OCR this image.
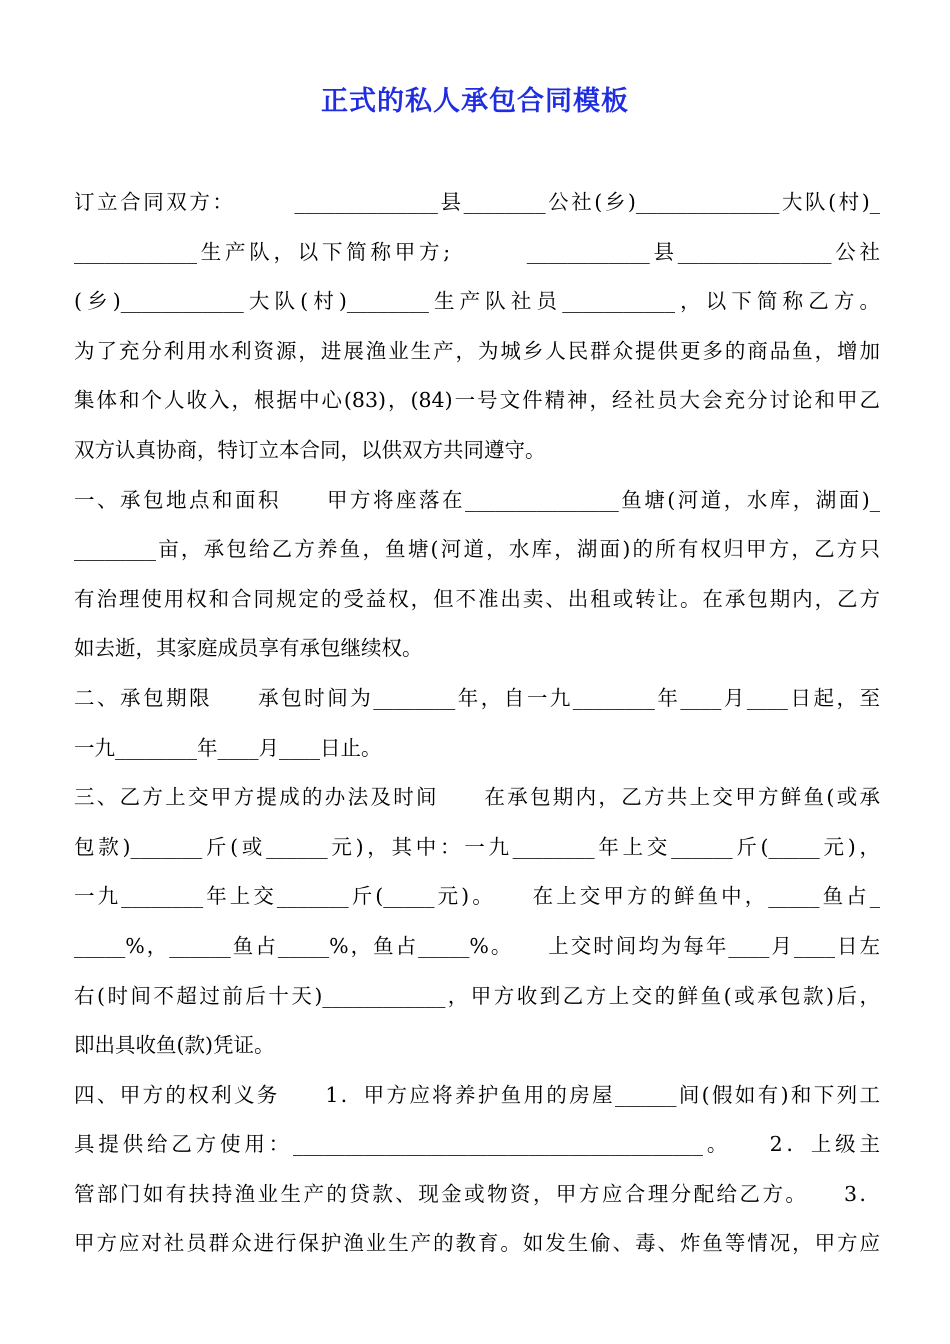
正式的私人承包合同模板
订立合同双方：　　　______________县________公社(乡)______________大队(村)_
____________生产队，以下简称甲方;　　　____________县_______________公社
(乡)____________大队(村)________生产队社员___________，以下简称乙方。
为了充分利用水利资源，进展渔业生产，为城乡人民群众提供更多的商品鱼，增加
集体和个人收入，根据中心(83)，(84)一号文件精神，经社员大会充分讨论和甲乙
双方认真协商，特订立本合同，以供双方共同遵守。
一、承包地点和面积　　甲方将座落在_______________鱼塘(河道，水库，湖面)_
________亩，承包给乙方养鱼，鱼塘(河道，水库，湖面)的所有权归甲方，乙方只
有治理使用权和合同规定的受益权，但不准出卖、出租或转让。在承包期内，乙方
如去逝，其家庭成员享有承包继续权。
二、承包期限　　承包时间为________年，自一九________年____月____日起，至
一九________年____月____日止。
三、乙方上交甲方提成的办法及时间　　在承包期内，乙方共上交甲方鲜鱼(或承
包款)_______斤(或______元)，其中：一九________年上交______斤(_____元)，
一九________年上交_______斤(_____元)。　　在上交甲方的鲜鱼中，_____鱼占_
_____%，______鱼占_____%，鱼占_____%。　　上交时间均为每年____月____日左
右(时间不超过前后十天)____________，甲方收到乙方上交的鲜鱼(或承包款)后，
即出具收鱼(款)凭证。
四、甲方的权利义务　　1．甲方应将养护鱼用的房屋______间(假如有)和下列工
具提供给乙方使用：________________________________________。　　2．上级主
管部门如有扶持渔业生产的贷款、现金或物资，甲方应合理分配给乙方。　　3．
甲方应对社员群众进行保护渔业生产的教育。如发生偷、毒、炸鱼等情况，甲方应
